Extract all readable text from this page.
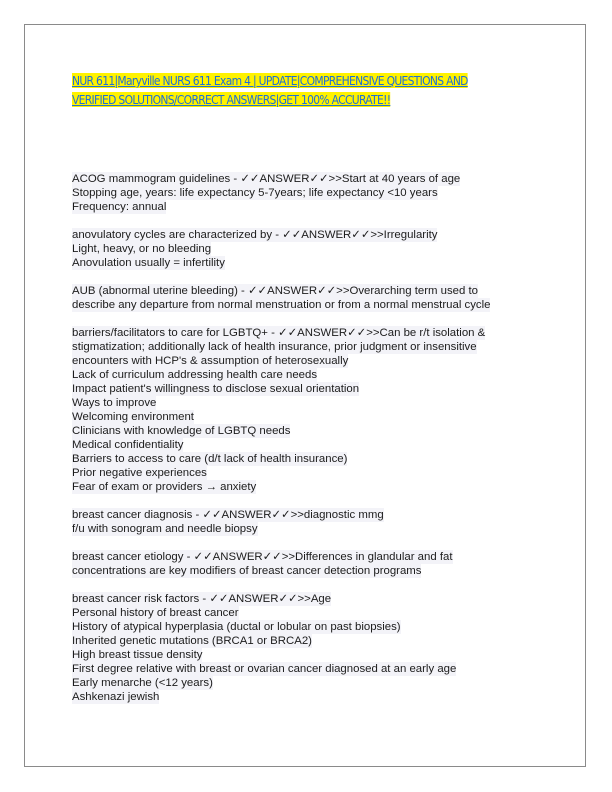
NUR 611|Maryville NURS 611 Exam 4 | UPDATE|COMPREHENSIVE QUESTIONS AND
VERIFIED SOLUTIONS/CORRECT ANSWERS|GET 100% ACCURATE!!
ACOG mammogram guidelines - ✓✓ANSWER✓✓>>Start at 40 years of age
Stopping age, years: life expectancy 5-7years; life expectancy <10 years
Frequency: annual
anovulatory cycles are characterized by - ✓✓ANSWER✓✓>>Irregularity
Light, heavy, or no bleeding
Anovulation usually = infertility
AUB (abnormal uterine bleeding) - ✓✓ANSWER✓✓>>Overarching term used to
describe any departure from normal menstruation or from a normal menstrual cycle
barriers/facilitators to care for LGBTQ+ - ✓✓ANSWER✓✓>>Can be r/t isolation &
stigmatization; additionally lack of health insurance, prior judgment or insensitive
encounters with HCP's & assumption of heterosexually
Lack of curriculum addressing health care needs
Impact patient's willingness to disclose sexual orientation
Ways to improve
Welcoming environment
Clinicians with knowledge of LGBTQ needs
Medical confidentiality
Barriers to access to care (d/t lack of health insurance)
Prior negative experiences
Fear of exam or providers → anxiety
breast cancer diagnosis - ✓✓ANSWER✓✓>>diagnostic mmg
f/u with sonogram and needle biopsy
breast cancer etiology - ✓✓ANSWER✓✓>>Differences in glandular and fat
concentrations are key modifiers of breast cancer detection programs
breast cancer risk factors - ✓✓ANSWER✓✓>>Age
Personal history of breast cancer
History of atypical hyperplasia (ductal or lobular on past biopsies)
Inherited genetic mutations (BRCA1 or BRCA2)
High breast tissue density
First degree relative with breast or ovarian cancer diagnosed at an early age
Early menarche (<12 years)
Ashkenazi jewish
